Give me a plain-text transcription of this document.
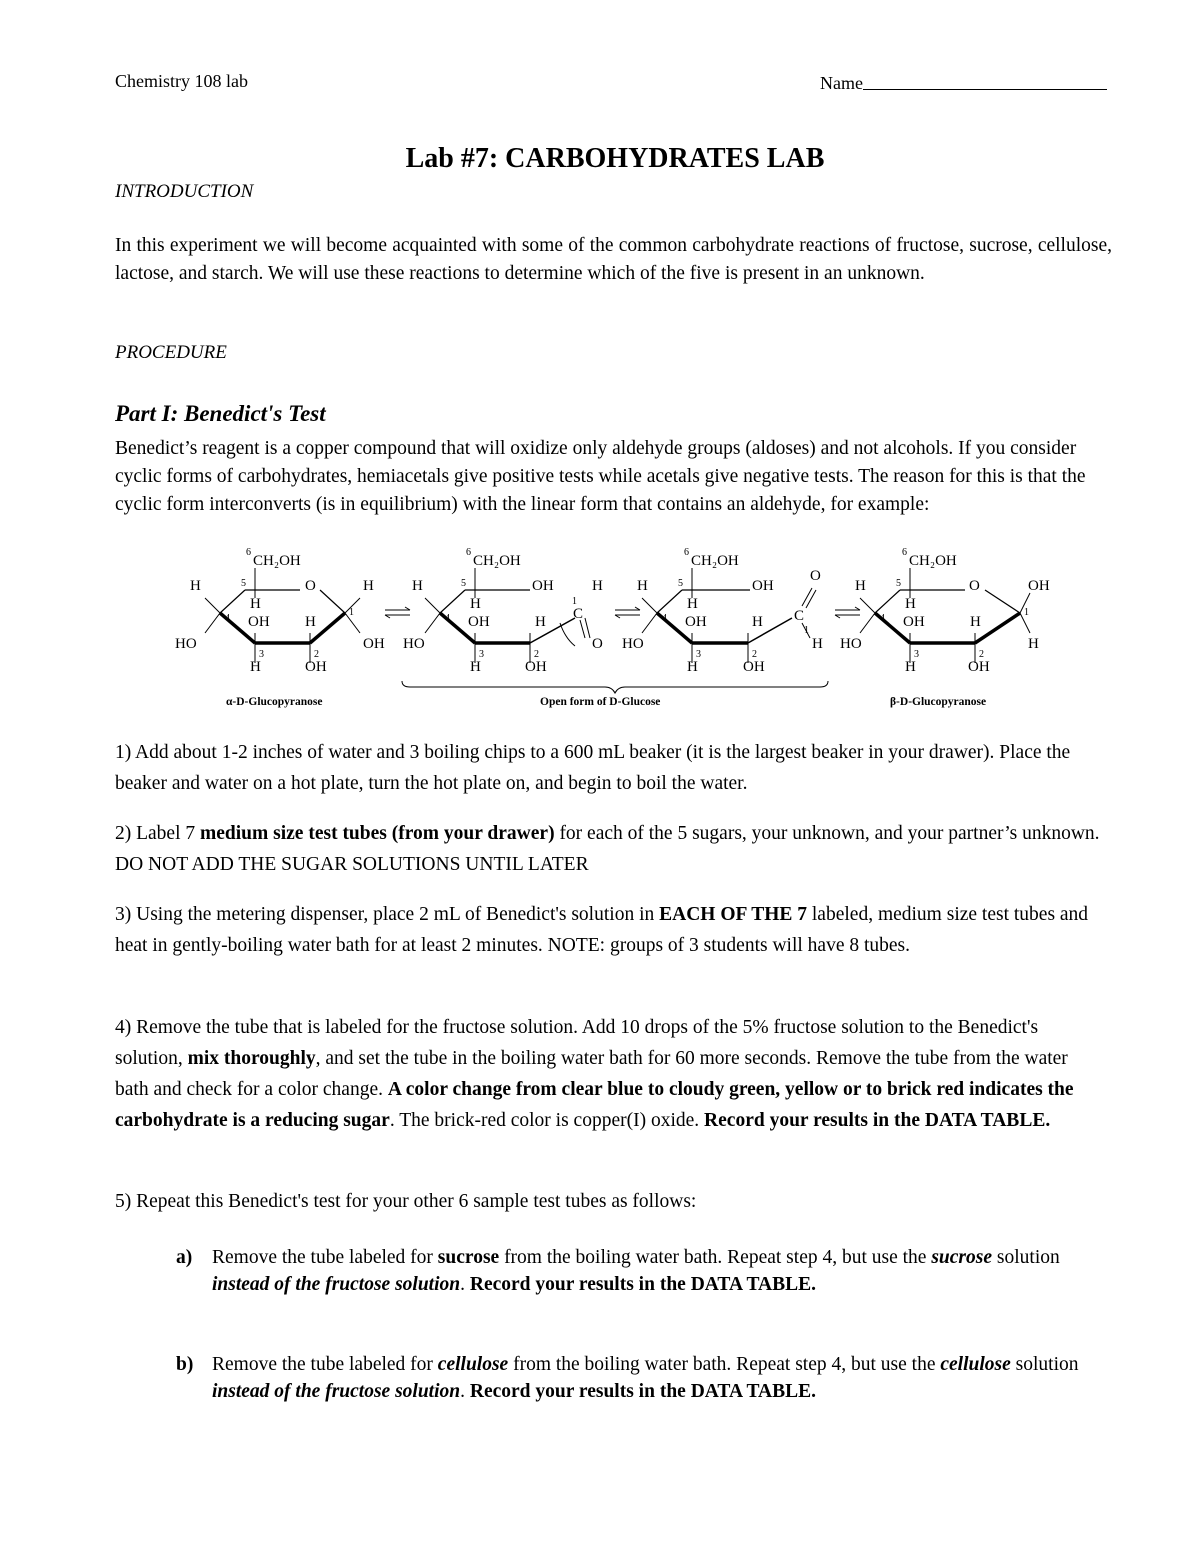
Chemistry 108 lab	Name
Lab #7: CARBOHYDRATES LAB
INTRODUCTION
In this experiment we will become acquainted with some of the common carbohydrate reactions of fructose, sucrose, cellulose, lactose, and starch. We will use these reactions to determine which of the five is present in an unknown.
PROCEDURE
Part I: Benedict's Test
Benedict’s reagent is a copper compound that will oxidize only aldehyde groups (aldoses) and not alcohols. If you consider cyclic forms of carbohydrates, hemiacetals give positive tests while acetals give negative tests. The reason for this is that the cyclic form interconverts (is in equilibrium) with the linear form that contains an aldehyde, for example:
CH₂OH
6
5	O
H	H
H
4
1
OH H
HO	OH
3	2
H	OH
6
CH₂OH
5	OH
H	H
H
4
1
C
OH	H
HO	O
3	2
H	OH
6
CH₂OH
5	OH
H
O
H
4	C
1
OH	H
HO	H
3	2
H	OH
6
CH₂OH
5	O
H	OH
H
4
1
OH	H
HO	H
3	2
H	OH
α-D-Glucopyranose	Open form of D-Glucose	β-D-Glucopyranose
1) Add about 1-2 inches of water and 3 boiling chips to a 600 mL beaker (it is the largest beaker in your drawer). Place the beaker and water on a hot plate, turn the hot plate on, and begin to boil the water.
2) Label 7 medium size test tubes (from your drawer) for each of the 5 sugars, your unknown, and your partner’s unknown. DO NOT ADD THE SUGAR SOLUTIONS UNTIL LATER
3) Using the metering dispenser, place 2 mL of Benedict's solution in EACH OF THE 7 labeled, medium size test tubes and heat in gently-boiling water bath for at least 2 minutes. NOTE: groups of 3 students will have 8 tubes.
4) Remove the tube that is labeled for the fructose solution. Add 10 drops of the 5% fructose solution to the Benedict's solution, mix thoroughly, and set the tube in the boiling water bath for 60 more seconds. Remove the tube from the water bath and check for a color change. A color change from clear blue to cloudy green, yellow or to brick red indicates the carbohydrate is a reducing sugar. The brick-red color is copper(I) oxide. Record your results in the DATA TABLE.
5) Repeat this Benedict's test for your other 6 sample test tubes as follows:
a) Remove the tube labeled for sucrose from the boiling water bath. Repeat step 4, but use the sucrose solution instead of the fructose solution. Record your results in the DATA TABLE.
b) Remove the tube labeled for cellulose from the boiling water bath. Repeat step 4, but use the cellulose solution instead of the fructose solution. Record your results in the DATA TABLE.
